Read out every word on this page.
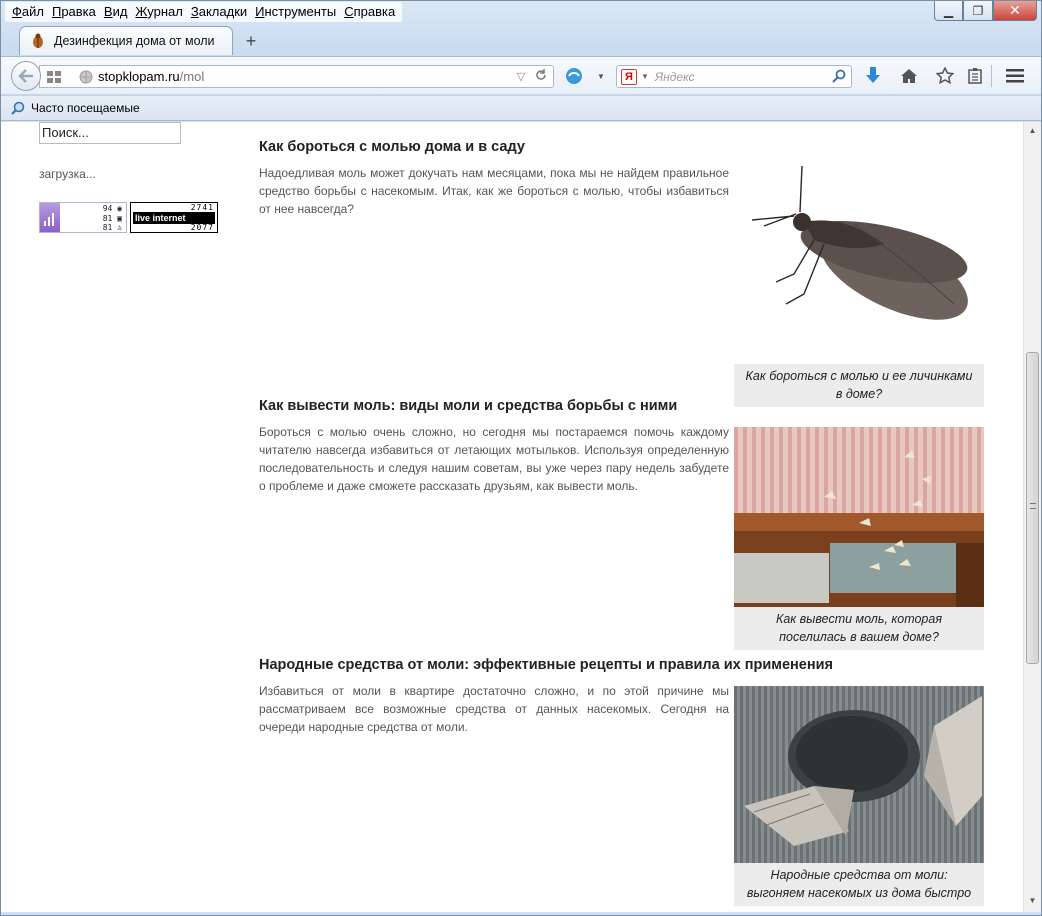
Файл Правка Вид Журнал Закладки Инструменты Справка	▁ ❐ ✕
Дезинфекция дома от моли +
stopklopam.ru/mol	▽	▼	Я	▼ Яндекс
Часто посещаемые
Поиск...
загрузка...
94 ◉
81 ▣
81 ♙
2741
live internet
2077
Как бороться с молью дома и в саду
Надоедливая моль может докучать нам месяцами, пока мы не найдем правильное средство борьбы с насекомым. Итак, как же бороться с молью, чтобы избавиться от нее навсегда?
Как бороться с молью и ее личинками в доме?
Как вывести моль: виды моли и средства борьбы с ними
Бороться с молью очень сложно, но сегодня мы постараемся помочь каждому читателю навсегда избавиться от летающих мотыльков. Используя определенную последовательность и следуя нашим советам, вы уже через пару недель забудете о проблеме и даже сможете рассказать друзьям, как вывести моль.
Как вывести моль, которая поселилась в вашем доме?
Народные средства от моли: эффективные рецепты и правила их применения
Избавиться от моли в квартире достаточно сложно, и по этой причине мы рассматриваем все возможные средства от данных насекомых. Сегодня на очереди народные средства от моли.
Народные средства от моли: выгоняем насекомых из дома быстро
▲
▼
